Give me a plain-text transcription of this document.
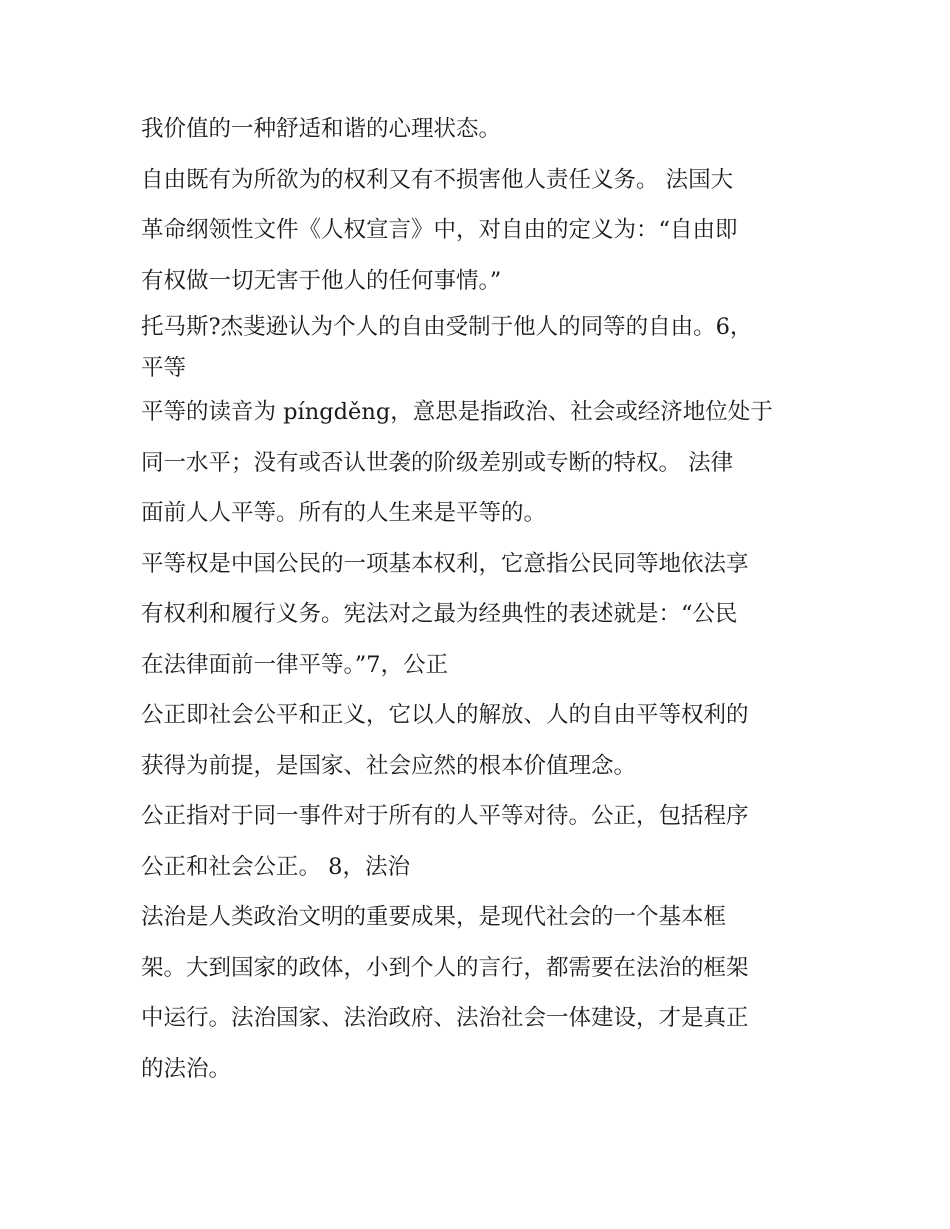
我价值的一种舒适和谐的心理状态。
自由既有为所欲为的权利又有不损害他人责任义务。 法国大
革命纲领性文件《人权宣言》中，对自由的定义为：“自由即
有权做一切无害于他人的任何事情。”
托马斯?杰斐逊认为个人的自由受制于他人的同等的自由。6，
平等
平等的读音为 píngděng，意思是指政治、社会或经济地位处于
同一水平；没有或否认世袭的阶级差别或专断的特权。 法律
面前人人平等。所有的人生来是平等的。
平等权是中国公民的一项基本权利，它意指公民同等地依法享
有权利和履行义务。宪法对之最为经典性的表述就是：“公民
在法律面前一律平等。”7，公正
公正即社会公平和正义，它以人的解放、人的自由平等权利的
获得为前提，是国家、社会应然的根本价值理念。
公正指对于同一事件对于所有的人平等对待。公正，包括程序
公正和社会公正。 8，法治
法治是人类政治文明的重要成果，是现代社会的一个基本框
架。大到国家的政体，小到个人的言行，都需要在法治的框架
中运行。法治国家、法治政府、法治社会一体建设，才是真正
的法治。
